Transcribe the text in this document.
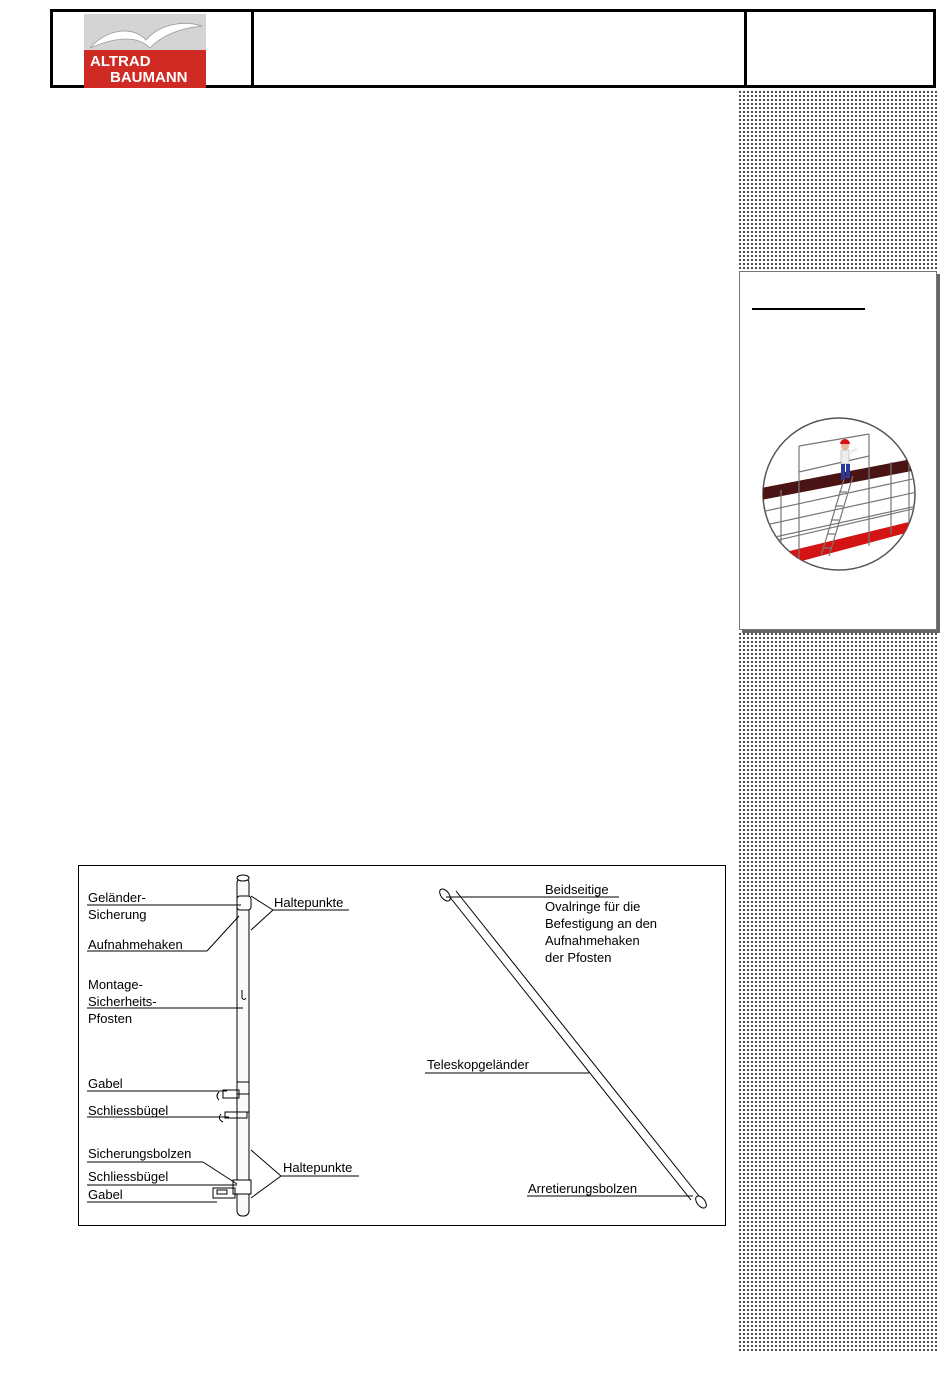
ALTRAD
BAUMANN
Geländer-
Sicherung
Aufnahmehaken
Montage-
Sicherheits-
Pfosten
Gabel
Schliessbügel
Sicherungsbolzen
Schliessbügel
Gabel
Haltepunkte
Haltepunkte
Beidseitige
Ovalringe für die
Befestigung an den
Aufnahmehaken
der Pfosten
Teleskopgeländer
Arretierungsbolzen
